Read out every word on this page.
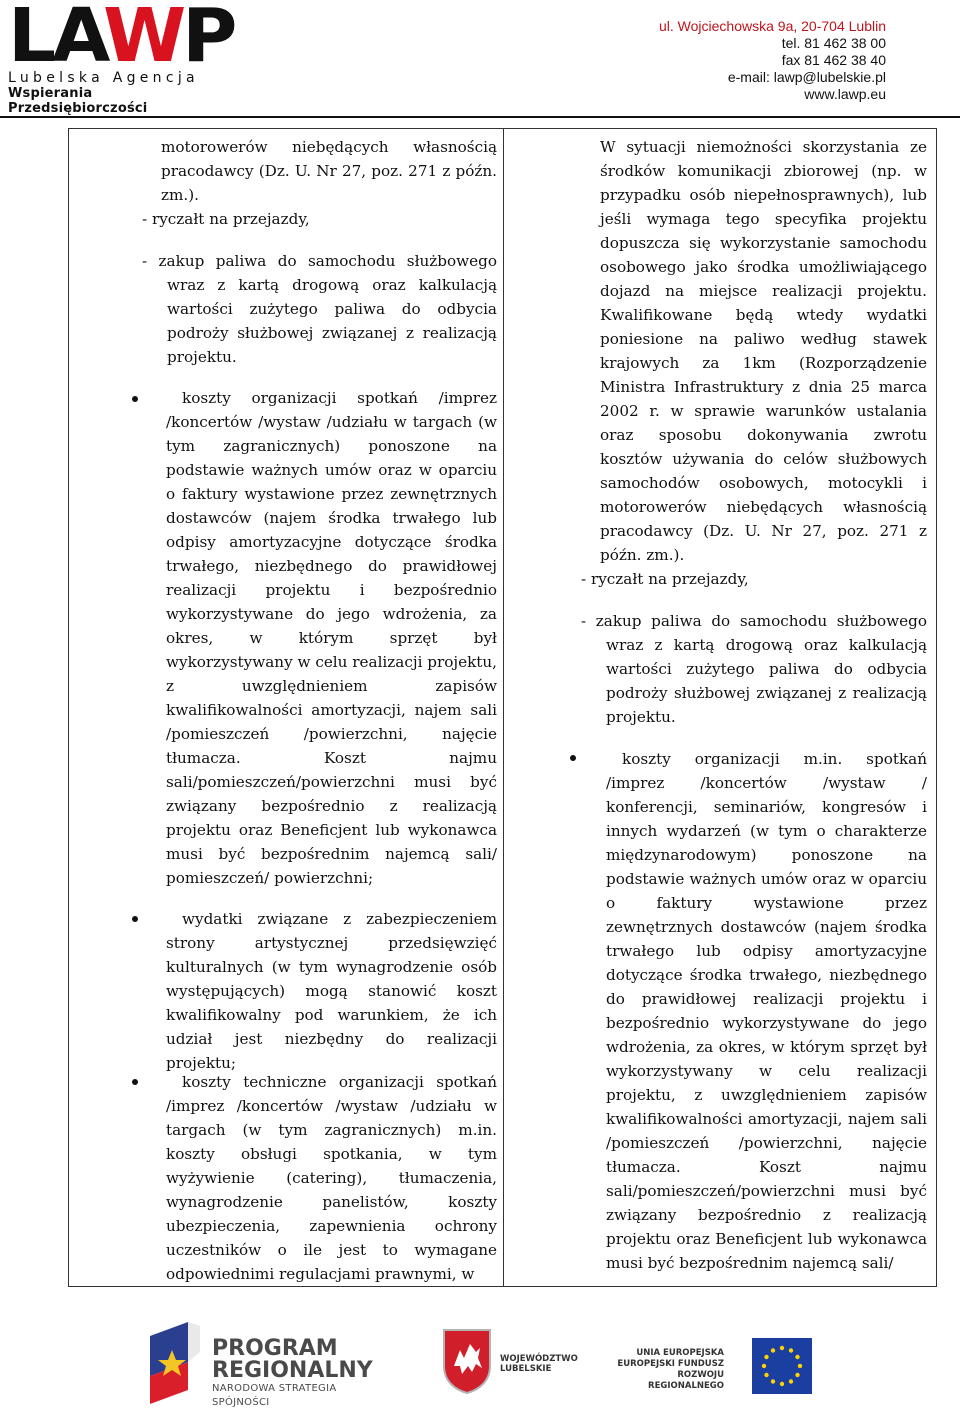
LAWP
Lubelska Agencja
Wspierania Przedsiębiorczości
ul. Wojciechowska 9a, 20-704 Lublin
tel. 81 462 38 00
fax 81 462 38 40
e-mail: lawp@lubelskie.pl
www.lawp.eu
motorowerów niebędących własnością pracodawcy (Dz. U. Nr 27, poz. 271 z późn. zm.).
- ryczałt na przejazdy,
- zakup paliwa do samochodu służbowego wraz z kartą drogową oraz kalkulacją wartości zużytego paliwa do odbycia podroży służbowej związanej z realizacją projektu.
koszty organizacji spotkań /imprez /koncertów /wystaw /udziału w targach (w tym zagranicznych) ponoszone na podstawie ważnych umów oraz w oparciu o faktury wystawione przez zewnętrznych dostawców (najem środka trwałego lub odpisy amortyzacyjne dotyczące środka trwałego, niezbędnego do prawidłowej realizacji projektu i bezpośrednio wykorzystywane do jego wdrożenia, za okres, w którym sprzęt był wykorzystywany w celu realizacji projektu, z uwzględnieniem zapisów kwalifikowalności amortyzacji, najem sali /pomieszczeń /powierzchni, najęcie tłumacza. Koszt najmu sali/pomieszczeń/powierzchni musi być związany bezpośrednio z realizacją projektu oraz Beneficjent lub wykonawca musi być bezpośrednim najemcą sali/ pomieszczeń/ powierzchni;
wydatki związane z zabezpieczeniem strony artystycznej przedsięwzięć kulturalnych (w tym wynagrodzenie osób występujących) mogą stanowić koszt kwalifikowalny pod warunkiem, że ich udział jest niezbędny do realizacji projektu;
koszty techniczne organizacji spotkań /imprez /koncertów /wystaw /udziału w targach (w tym zagranicznych) m.in. koszty obsługi spotkania, w tym wyżywienie (catering), tłumaczenia, wynagrodzenie panelistów, koszty ubezpieczenia, zapewnienia ochrony uczestników o ile jest to wymagane odpowiednimi regulacjami prawnymi, w
W sytuacji niemożności skorzystania ze środków komunikacji zbiorowej (np. w przypadku osób niepełnosprawnych), lub jeśli wymaga tego specyfika projektu dopuszcza się wykorzystanie samochodu osobowego jako środka umożliwiającego dojazd na miejsce realizacji projektu. Kwalifikowane będą wtedy wydatki poniesione na paliwo według stawek krajowych za 1km (Rozporządzenie Ministra Infrastruktury z dnia 25 marca 2002 r. w sprawie warunków ustalania oraz sposobu dokonywania zwrotu kosztów używania do celów służbowych samochodów osobowych, motocykli i motorowerów niebędących własnością pracodawcy (Dz. U. Nr 27, poz. 271 z późn. zm.).
- ryczałt na przejazdy,
- zakup paliwa do samochodu służbowego wraz z kartą drogową oraz kalkulacją wartości zużytego paliwa do odbycia podroży służbowej związanej z realizacją projektu.
koszty organizacji m.in. spotkań /imprez /koncertów /wystaw / konferencji, seminariów, kongresów i innych wydarzeń (w tym o charakterze międzynarodowym) ponoszone na podstawie ważnych umów oraz w oparciu o faktury wystawione przez zewnętrznych dostawców (najem środka trwałego lub odpisy amortyzacyjne dotyczące środka trwałego, niezbędnego do prawidłowej realizacji projektu i bezpośrednio wykorzystywane do jego wdrożenia, za okres, w którym sprzęt był wykorzystywany w celu realizacji projektu, z uwzględnieniem zapisów kwalifikowalności amortyzacji, najem sali /pomieszczeń /powierzchni, najęcie tłumacza. Koszt najmu sali/pomieszczeń/powierzchni musi być związany bezpośrednio z realizacją projektu oraz Beneficjent lub wykonawca musi być bezpośrednim najemcą sali/
PROGRAM
REGIONALNY
NARODOWA STRATEGIA SPÓJNOŚCI
WOJEWÓDZTWO
LUBELSKIE
UNIA EUROPEJSKA
EUROPEJSKI FUNDUSZ
ROZWOJU REGIONALNEGO
